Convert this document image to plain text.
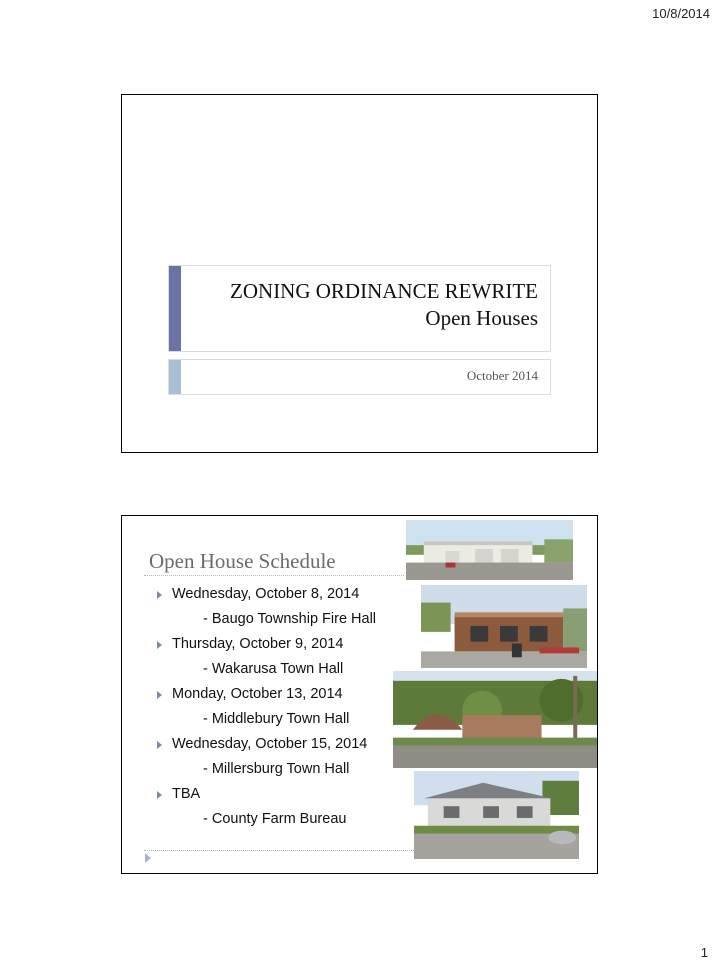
10/8/2014
ZONING ORDINANCE REWRITE
Open Houses
October 2014
Open House Schedule
Wednesday, October 8, 2014
- Baugo Township Fire Hall
Thursday, October 9, 2014
- Wakarusa Town Hall
Monday, October 13, 2014
- Middlebury Town Hall
Wednesday, October 15, 2014
- Millersburg Town Hall
TBA
- County Farm Bureau
1
